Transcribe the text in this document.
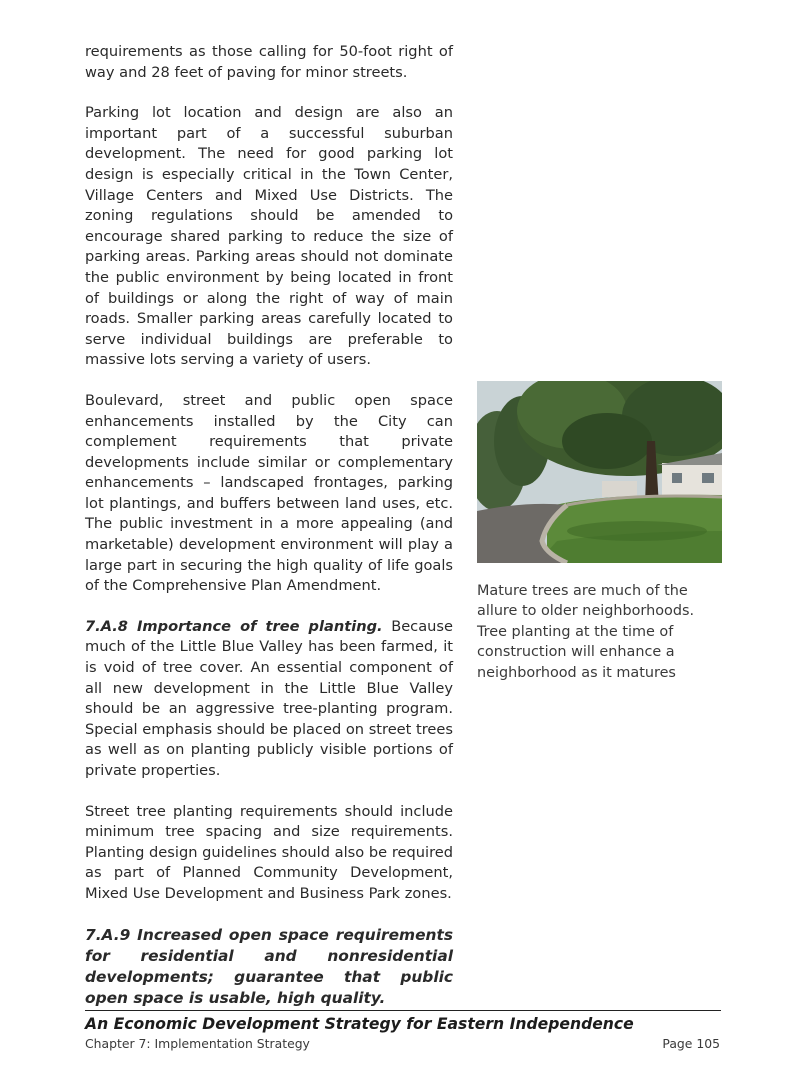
requirements as those calling for 50-foot right of way and 28 feet of paving for minor streets.

Parking lot location and design are also an important part of a successful suburban development. The need for good parking lot design is especially critical in the Town Center, Village Centers and Mixed Use Districts. The zoning regulations should be amended to encourage shared parking to reduce the size of parking areas. Parking areas should not dominate the public environment by being located in front of buildings or along the right of way of main roads. Smaller parking areas carefully located to serve individual buildings are preferable to massive lots serving a variety of users.

Boulevard, street and public open space enhancements installed by the City can complement requirements that private developments include similar or complementary enhancements – landscaped frontages, parking lot plantings, and buffers between land uses, etc. The public investment in a more appealing (and marketable) development environment will play a large part in securing the high quality of life goals of the Comprehensive Plan Amendment.

7.A.8 Importance of tree planting. Because much of the Little Blue Valley has been farmed, it is void of tree cover. An essential component of all new development in the Little Blue Valley should be an aggressive tree-planting program. Special emphasis should be placed on street trees as well as on planting publicly visible portions of private properties.

Street tree planting requirements should include minimum tree spacing and size requirements. Planting design guidelines should also be required as part of Planned Community Development, Mixed Use Development and Business Park zones.

7.A.9 Increased open space requirements for residential and nonresidential developments; guarantee that public open space is usable, high quality.

Mature trees are much of the allure to older neighborhoods. Tree planting at the time of construction will enhance a neighborhood as it matures
An Economic Development Strategy for Eastern Independence
Chapter 7: Implementation Strategy	Page 105
